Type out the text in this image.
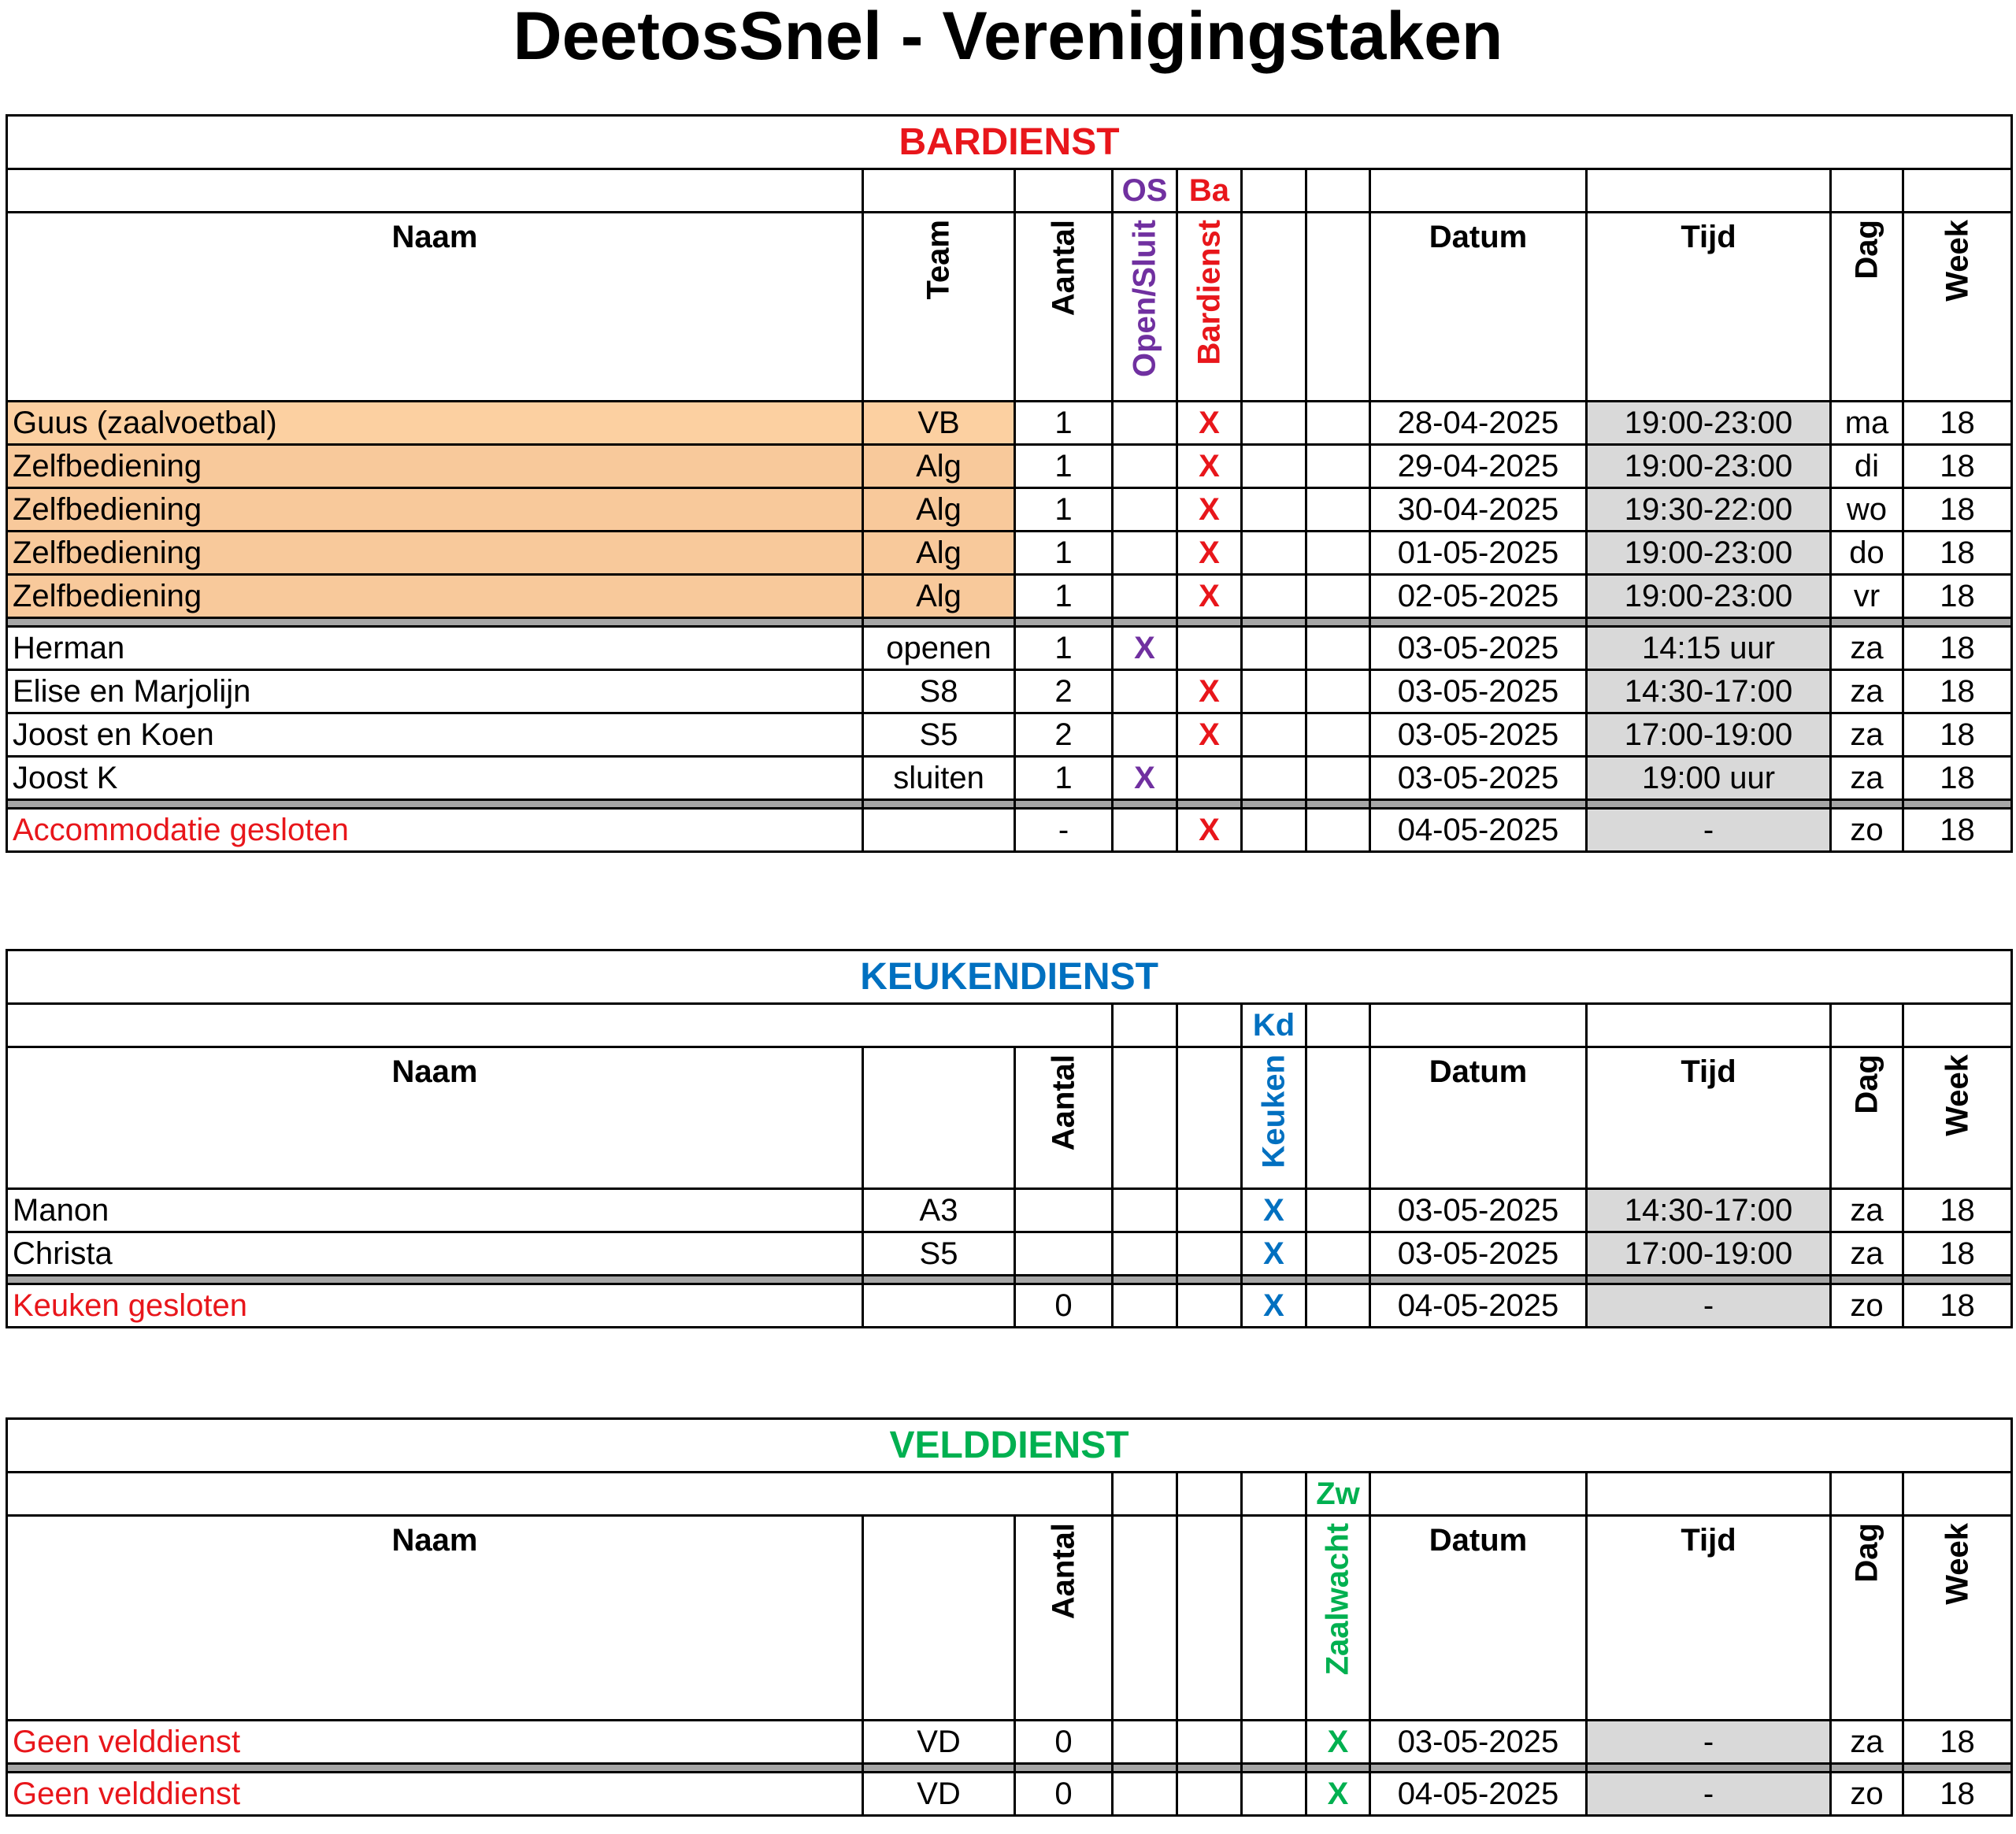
DeetosSnel - Verenigingstaken
BARDIENST										
			OS	Ba						
Naam	Team	Aantal	Open/Sluit	Bardienst			Datum	Tijd	Dag	Week

Guus (zaalvoetbal)	VB	1		X			28-04-2025	19:00-23:00	ma	18
Zelfbediening	Alg	1		X			29-04-2025	19:00-23:00	di	18
Zelfbediening	Alg	1		X			30-04-2025	19:30-22:00	wo	18
Zelfbediening	Alg	1		X			01-05-2025	19:00-23:00	do	18
Zelfbediening	Alg	1		X			02-05-2025	19:00-23:00	vr	18

Herman	openen	1	X				03-05-2025	14:15 uur	za	18
Elise en Marjolijn	S8	2		X			03-05-2025	14:30-17:00	za	18
Joost en Koen	S5	2		X			03-05-2025	17:00-19:00	za	18
Joost K	sluiten	1	X				03-05-2025	19:00 uur	za	18

Accommodatie gesloten		-		X			04-05-2025	-	zo	18
KEUKENDIENST										
					Kd					
Naam		Aantal			Keuken		Datum	Tijd	Dag	Week

Manon	A3				X		03-05-2025	14:30-17:00	za	18
Christa	S5				X		03-05-2025	17:00-19:00	za	18

Keuken gesloten		0			X		04-05-2025	-	zo	18
VELDDIENST										
						Zw				
Naam		Aantal				Zaalwacht	Datum	Tijd	Dag	Week

Geen velddienst	VD	0				X	03-05-2025	-	za	18

Geen velddienst	VD	0				X	04-05-2025	-	zo	18
